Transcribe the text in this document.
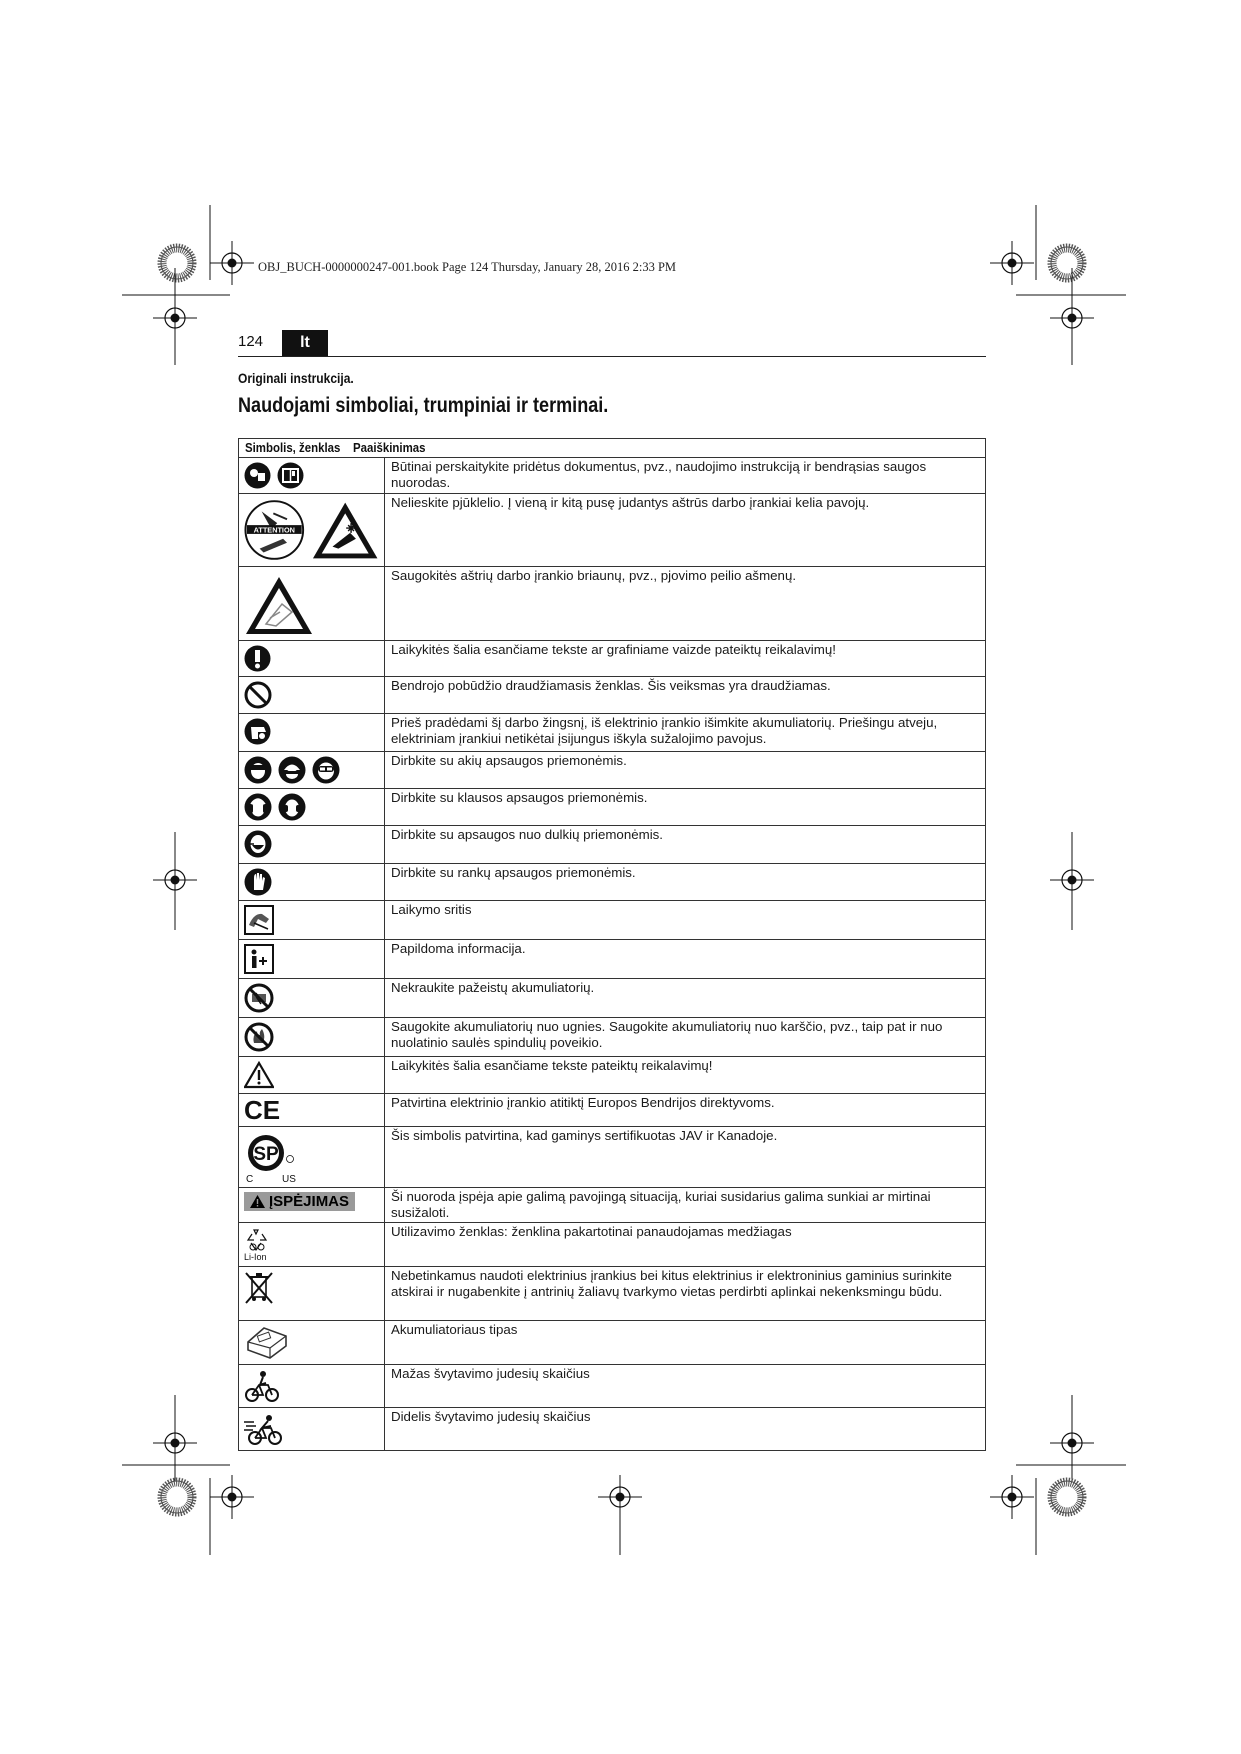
OBJ_BUCH-0000000247-001.book Page 124 Thursday, January 28, 2016 2:33 PM
124	lt
Originali instrukcija.
Naudojami simboliai, trumpiniai ir terminai.
Simbolis, ženklas Paaiškinimas	

	Būtinai perskaitykite pridėtus dokumentus, pvz., naudojimo instrukciją ir bendrąsias saugos nuorodas.

ATTENTION	Nelieskite pjūklelio. Į vieną ir kitą pusę judantys aštrūs darbo įrankiai kelia pavojų.

	Saugokitės aštrių darbo įrankio briaunų, pvz., pjovimo peilio ašmenų.

	Laikykitės šalia esančiame tekste ar grafiniame vaizde pateiktų reikalavimų!

	Bendrojo pobūdžio draudžiamasis ženklas. Šis veiksmas yra draudžiamas.

	Prieš pradėdami šį darbo žingsnį, iš elektrinio įrankio išimkite akumuliatorių. Priešingu atveju, elektriniam įrankiui netikėtai įsijungus iškyla sužalojimo pavojus.

	Dirbkite su akių apsaugos priemonėmis.

	Dirbkite su klausos apsaugos priemonėmis.

	Dirbkite su apsaugos nuo dulkių priemonėmis.

	Dirbkite su rankų apsaugos priemonėmis.

	Laikymo sritis

	Papildoma informacija.

	Nekraukite pažeistų akumuliatorių.

	Saugokite akumuliatorių nuo ugnies. Saugokite akumuliatorių nuo karščio, pvz., taip pat ir nuo nuolatinio saulės spindulių poveikio.

	Laikykitės šalia esančiame tekste pateiktų reikalavimų!

CE	Patvirtina elektrinio įrankio atitiktį Europos Bendrijos direktyvoms.

SP
C US	Šis simbolis patvirtina, kad gaminys sertifikuotas JAV ir Kanadoje.

ĮSPĖJIMAS	Ši nuoroda įspėja apie galimą pavojingą situaciją, kuriai susidarius galima sunkiai ar mirtinai susižaloti.

Li-Ion	Utilizavimo ženklas: ženklina pakartotinai panaudojamas medžiagas

	Nebetinkamus naudoti elektrinius įrankius bei kitus elektrinius ir elektroninius gaminius surinkite atskirai ir nugabenkite į antrinių žaliavų tvarkymo vietas perdirbti aplinkai nekenksmingu būdu.

	Akumuliatoriaus tipas

	Mažas švytavimo judesių skaičius

	Didelis švytavimo judesių skaičius
